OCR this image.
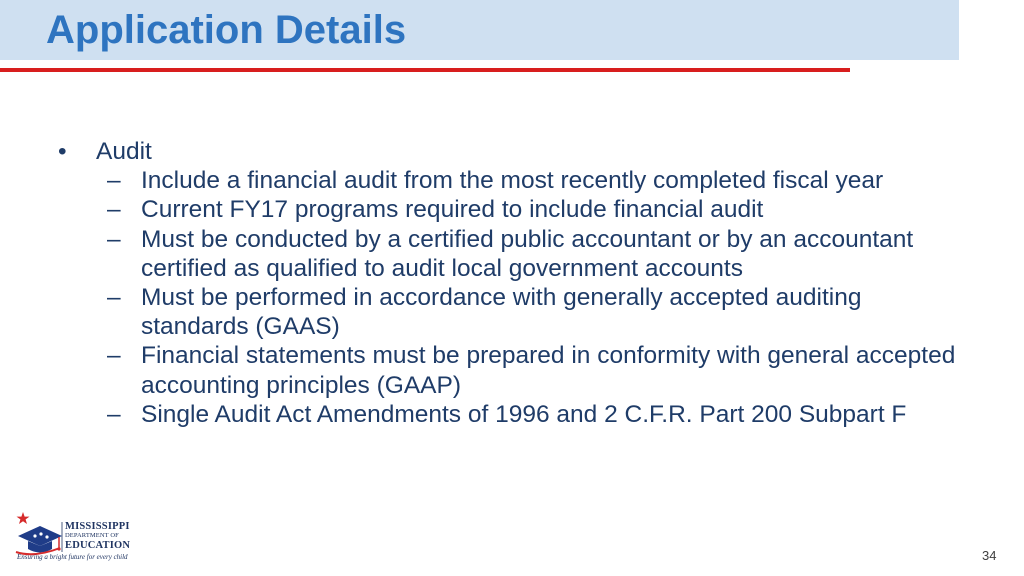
Application Details
• Audit
– Include a financial audit from the most recently completed fiscal year
– Current FY17 programs required to include financial audit
– Must be conducted by a certified public accountant or by an accountant certified as qualified to audit local government accounts
– Must be performed in accordance with generally accepted auditing standards (GAAS)
– Financial statements must be prepared in conformity with general accepted accounting principles (GAAP)
– Single Audit Act Amendments of 1996 and 2 C.F.R. Part 200 Subpart F
MISSISSIPPI
DEPARTMENT OF
EDUCATION
Ensuring a bright future for every child	34
